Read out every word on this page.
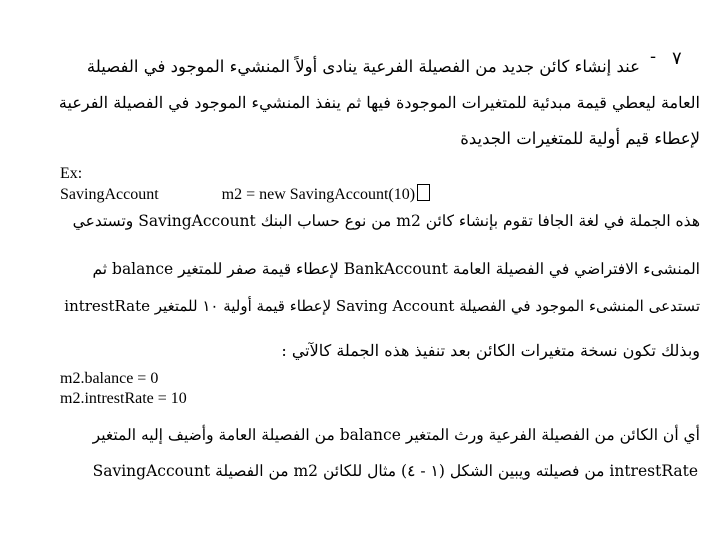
٧
-
عند إنشاء كائن جديد من الفصيلة الفرعية ينادى أولاً المنشيء الموجود في الفصيلة
العامة ليعطي قيمة مبدئية للمتغيرات الموجودة فيها ثم ينفذ المنشيء الموجود في الفصيلة الفرعية
لإعطاء قيم أولية للمتغيرات الجديدة
Ex:
SavingAccount	m2 = new SavingAccount(10)
هذه الجملة في لغة الجافا تقوم بإنشاء كائن m2 من نوع حساب البنك SavingAccount وتستدعي
المنشىء الافتراضي في الفصيلة العامة BankAccount لإعطاء قيمة صفر للمتغير balance ثم
تستدعى المنشىء الموجود في الفصيلة Saving Account لإعطاء قيمة أولية ١٠ للمتغير intrestRate
وبذلك تكون نسخة متغيرات الكائن بعد تنفيذ هذه الجملة كالآتي :
m2.balance = 0
m2.intrestRate = 10
أي أن الكائن من الفصيلة الفرعية ورث المتغير balance من الفصيلة العامة وأضيف إليه المتغير
intrestRate من فصيلته ويبين الشكل (١ - ٤) مثال للكائن m2 من الفصيلة SavingAccount
